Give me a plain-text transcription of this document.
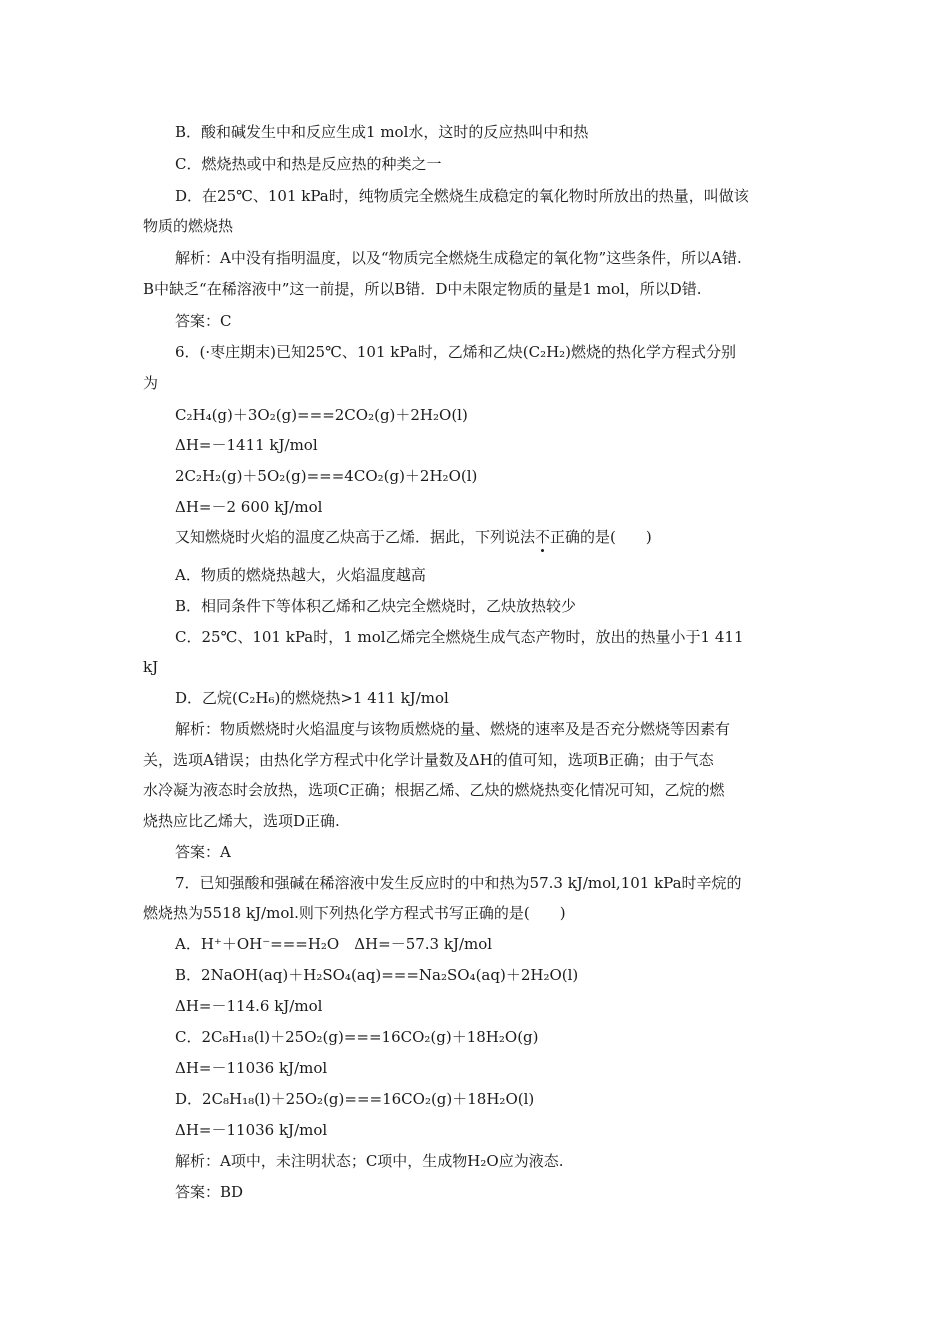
B．酸和碱发生中和反应生成1 mol水，这时的反应热叫中和热
C．燃烧热或中和热是反应热的种类之一
D．在25℃、101 kPa时，纯物质完全燃烧生成稳定的氧化物时所放出的热量，叫做该
物质的燃烧热
解析：A中没有指明温度，以及“物质完全燃烧生成稳定的氧化物”这些条件，所以A错.
B中缺乏“在稀溶液中”这一前提，所以B错．D中未限定物质的量是1 mol，所以D错.
答案：C
6．(·枣庄期末)已知25℃、101 kPa时，乙烯和乙炔(C₂H₂)燃烧的热化学方程式分别
为
C₂H₄(g)＋3O₂(g)===2CO₂(g)＋2H₂O(l)
ΔH=－1411 kJ/mol
2C₂H₂(g)＋5O₂(g)===4CO₂(g)＋2H₂O(l)
ΔH=－2 600 kJ/mol
又知燃烧时火焰的温度乙炔高于乙烯．据此，下列说法不正确的是(　　)
A．物质的燃烧热越大，火焰温度越高
B．相同条件下等体积乙烯和乙炔完全燃烧时，乙炔放热较少
C．25℃、101 kPa时，1 mol乙烯完全燃烧生成气态产物时，放出的热量小于1 411
kJ
D．乙烷(C₂H₆)的燃烧热>1 411 kJ/mol
解析：物质燃烧时火焰温度与该物质燃烧的量、燃烧的速率及是否充分燃烧等因素有
关，选项A错误；由热化学方程式中化学计量数及ΔH的值可知，选项B正确；由于气态
水冷凝为液态时会放热，选项C正确；根据乙烯、乙炔的燃烧热变化情况可知，乙烷的燃
烧热应比乙烯大，选项D正确.
答案：A
7．已知强酸和强碱在稀溶液中发生反应时的中和热为57.3 kJ/mol,101 kPa时辛烷的
燃烧热为5518 kJ/mol.则下列热化学方程式书写正确的是(　　)
A．H⁺＋OH⁻===H₂O　ΔH=－57.3 kJ/mol
B．2NaOH(aq)＋H₂SO₄(aq)===Na₂SO₄(aq)＋2H₂O(l)
ΔH=－114.6 kJ/mol
C．2C₈H₁₈(l)＋25O₂(g)===16CO₂(g)＋18H₂O(g)
ΔH=－11036 kJ/mol
D．2C₈H₁₈(l)＋25O₂(g)===16CO₂(g)＋18H₂O(l)
ΔH=－11036 kJ/mol
解析：A项中，未注明状态；C项中，生成物H₂O应为液态.
答案：BD
